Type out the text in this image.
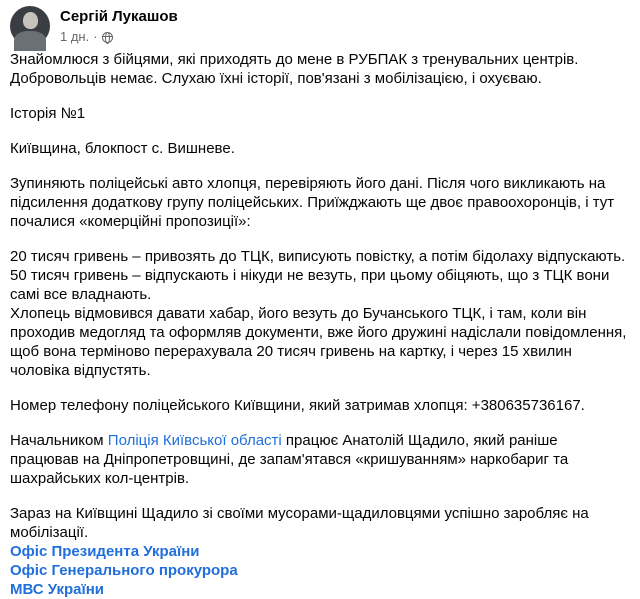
Сергій Лукашов
1 дн. ·

Знайомлюся з бійцями, які приходять до мене в РУБПАК з тренувальних центрів. Добровольців немає. Слухаю їхні історії, пов'язані з мобілізацією, і охуєваю.

Історія №1

Київщина, блокпост с. Вишневе.

Зупиняють поліцейські авто хлопця, перевіряють його дані. Після чого викликають на підсилення додаткову групу поліцейських. Приїжджають ще двоє правоохоронців, і тут почалися «комерційні пропозиції»:

20 тисяч гривень – привозять до ТЦК, виписують повістку, а потім бідолаху відпускають.

50 тисяч гривень – відпускають і нікуди не везуть, при цьому обіцяють, що з ТЦК вони самі все владнають.

Хлопець відмовився давати хабар, його везуть до Бучанського ТЦК, і там, коли він проходив медогляд та оформляв документи, вже його дружині надіслали повідомлення, щоб вона терміново перерахувала 20 тисяч гривень на картку, і через 15 хвилин чоловіка відпустять.

Номер телефону поліцейського Київщини, який затримав хлопця: +380635736167.

Начальником Поліція Київської області працює Анатолій Щадило, який раніше працював на Дніпропетровщині, де запам'ятався «кришуванням» наркобариг та шахрайських кол-центрів.

Зараз на Київщині Щадило зі своїми мусорами-щадиловцями успішно заробляє на мобілізації.

Офіс Президента України

Офіс Генерального прокурора

МВС України
